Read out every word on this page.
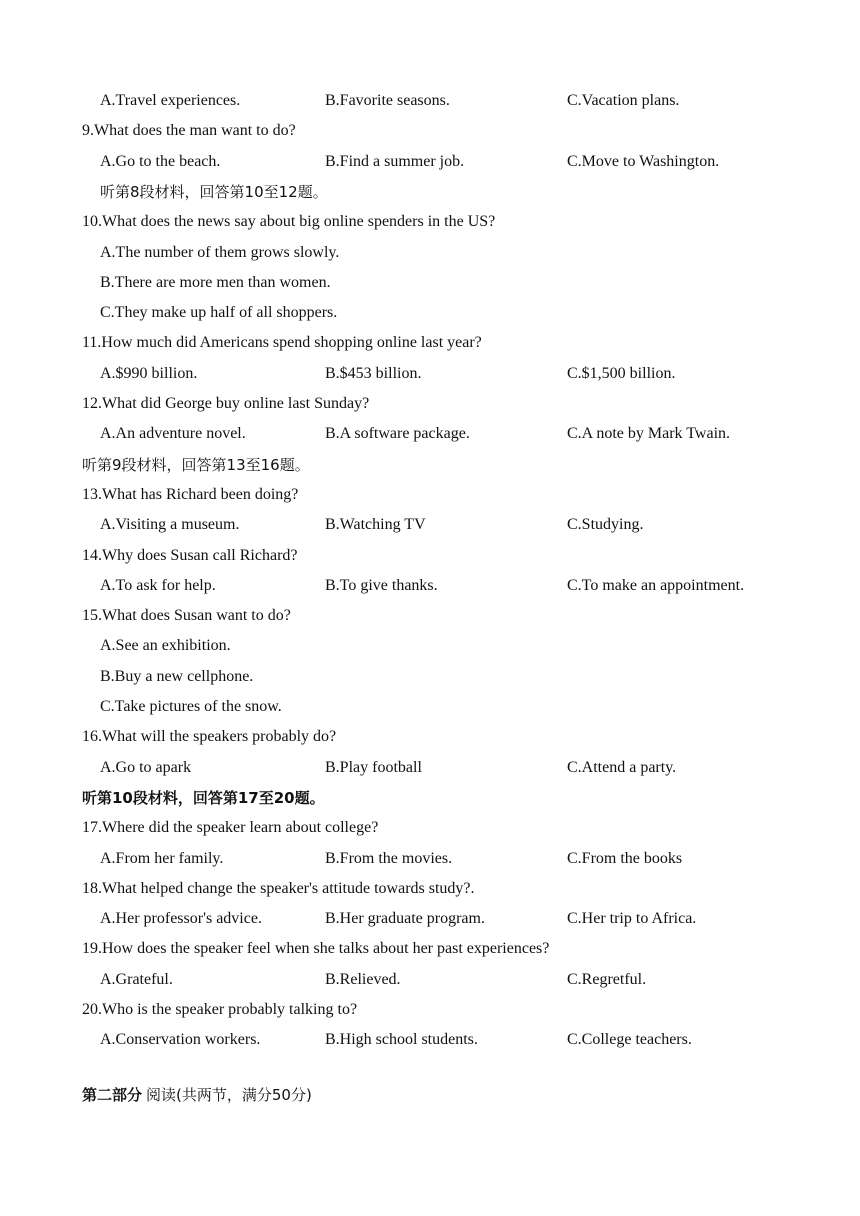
A.Travel experiences.	B.Favorite seasons.	C.Vacation plans.
9.What does the man want to do?
A.Go to the beach.	B.Find a summer job.	C.Move to Washington.
听第8段材料，回答第10至12题。
10.What does the news say about big online spenders in the US?
A.The number of them grows slowly.
B.There are more men than women.
C.They make up half of all shoppers.
11.How much did Americans spend shopping online last year?
A.$990 billion.	B.$453 billion.	C.$1,500 billion.
12.What did George buy online last Sunday?
A.An adventure novel.	B.A software package.	C.A note by Mark Twain.
听第9段材料，回答第13至16题。
13.What has Richard been doing?
A.Visiting a museum.	B.Watching TV	C.Studying.
14.Why does Susan call Richard?
A.To ask for help.	B.To give thanks.	C.To make an appointment.
15.What does Susan want to do?
A.See an exhibition.
B.Buy a new cellphone.
C.Take pictures of the snow.
16.What will the speakers probably do?
A.Go to apark	B.Play football	C.Attend a party.
听第10段材料，回答第17至20题。
17.Where did the speaker learn about college?
A.From her family.	B.From the movies.	C.From the books
18.What helped change the speaker's attitude towards study?.
A.Her professor's advice.	B.Her graduate program.	C.Her trip to Africa.
19.How does the speaker feel when she talks about her past experiences?
A.Grateful.	B.Relieved.	C.Regretful.
20.Who is the speaker probably talking to?
A.Conservation workers.	B.High school students.	C.College teachers.
第二部分 阅读(共两节，满分50分)
